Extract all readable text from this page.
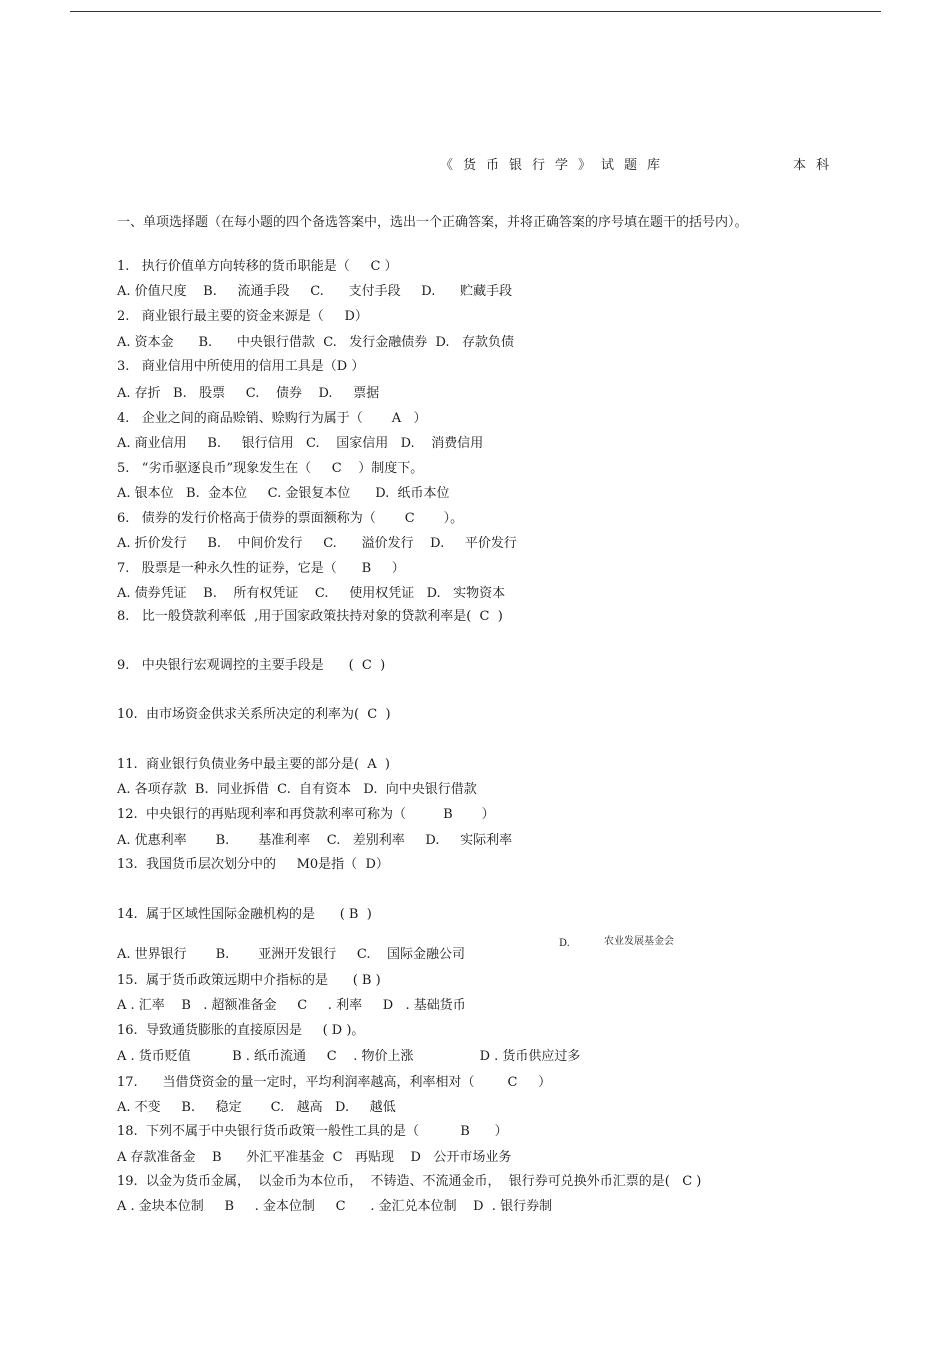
《货币银行学》试题库	本科
一、单项选择题（在每小题的四个备选答案中，选出一个正确答案，并将正确答案的序号填在题干的括号内）。
1.   执行价值单方向转移的货币职能是（     C ）
A. 价值尺度    B.     流通手段     C.      支付手段     D.      贮藏手段
2.   商业银行最主要的资金来源是（     D）
A. 资本金      B.      中央银行借款  C.   发行金融债券  D.   存款负债
3.   商业信用中所使用的信用工具是（D ）
A. 存折   B.   股票     C.    债券    D.     票据
4.   企业之间的商品赊销、赊购行为属于（       A   ）
A. 商业信用     B.     银行信用   C.    国家信用   D.    消费信用
5.   “劣币驱逐良币”现象发生在（     C    ）制度下。
A. 银本位   B.  金本位     C. 金银复本位      D.  纸币本位
6.   债券的发行价格高于债券的票面额称为（       C       ）。
A. 折价发行     B.    中间价发行     C.      溢价发行    D.     平价发行
7.   股票是一种永久性的证券，它是（      B     ）
A. 债券凭证    B.    所有权凭证    C.     使用权凭证   D.   实物资本
8.   比一般贷款利率低  ,用于国家政策扶持对象的贷款利率是(  C  )
9.   中央银行宏观调控的主要手段是      (  C  )
10.  由市场资金供求关系所决定的利率为(  C  )
11.  商业银行负债业务中最主要的部分是(  A  )
A. 各项存款  B.  同业拆借  C.  自有资本   D.  向中央银行借款
12.  中央银行的再贴现利率和再贷款利率可称为（         B       ）
A. 优惠利率       B.       基准利率    C.   差别利率     D.     实际利率
13.  我国货币层次划分中的     M0是指（  D）
14.  属于区域性国际金融机构的是      ( B  )
A. 世界银行       B.       亚洲开发银行     C.    国际金融公司
D.	农业发展基金会
15.  属于货币政策远期中介指标的是      ( B )
A . 汇率    B   . 超额准备金     C     . 利率     D   . 基础货币
16.  导致通货膨胀的直接原因是     ( D )。
A . 货币贬值          B . 纸币流通     C    . 物价上涨                D . 货币供应过多
17.      当借贷资金的量一定时，平均利润率越高，利率相对（        C     ）
A. 不变     B.     稳定       C.   越高   D.     越低
18.  下列不属于中央银行货币政策一般性工具的是（          B      ）
A 存款准备金    B      外汇平准基金  C   再贴现    D   公开市场业务
19.  以金为货币金属，  以金币为本位币，  不铸造、不流通金币，  银行券可兑换外币汇票的是(   C )
A . 金块本位制     B     . 金本位制     C      . 金汇兑本位制    D  . 银行券制
